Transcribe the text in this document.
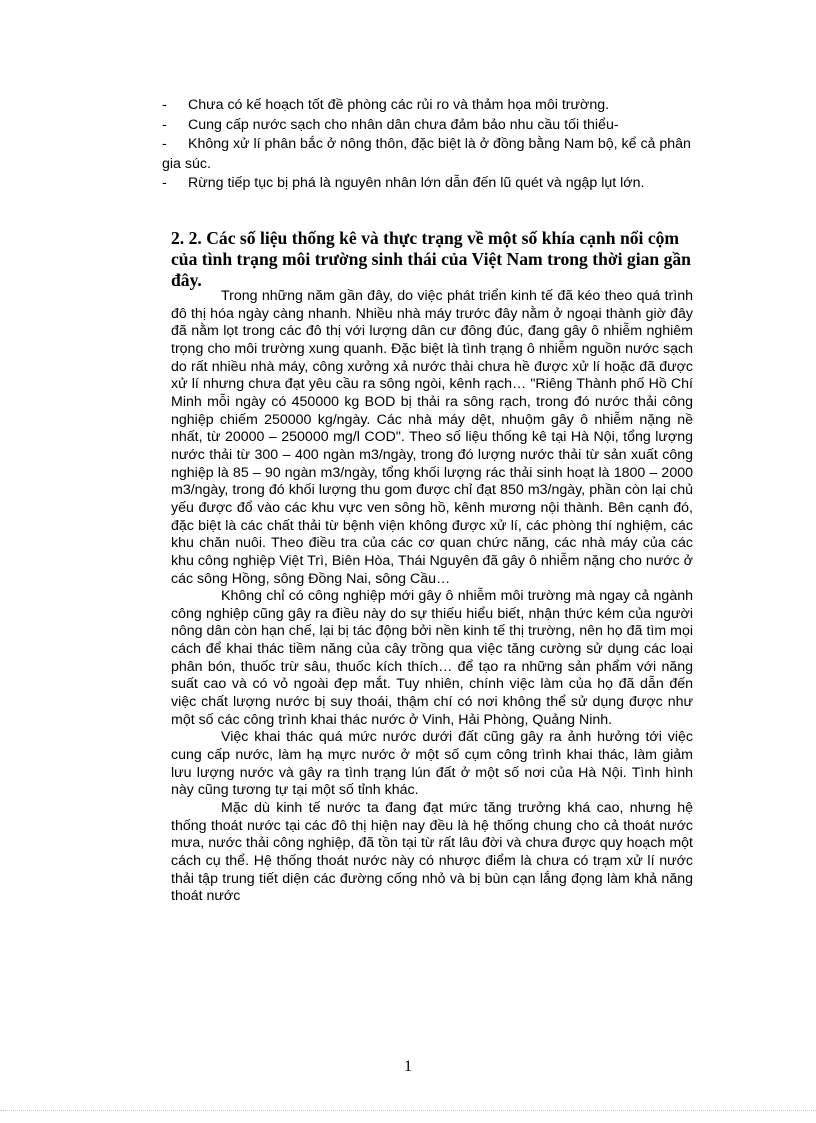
- Chưa có kế hoạch tốt đề phòng các rủi ro và thảm họa môi trường.

- Cung cấp nước sạch cho nhân dân chưa đảm bảo nhu cầu tối thiểu-

- Không xử lí phân bắc ở nông thôn, đặc biệt là ở đồng bằng Nam bộ, kể cả phân gia súc.

- Rừng tiếp tục bị phá là nguyên nhân lớn dẫn đến lũ quét và ngập lụt lớn.

2. 2. Các số liệu thống kê và thực trạng về một số khía cạnh nổi cộm của tình trạng môi trường sinh thái của Việt Nam trong thời gian gần đây.

Trong những năm gần đây, do việc phát triển kinh tế đã kéo theo quá trình đô thị hóa ngày càng nhanh. Nhiều nhà máy trước đây nằm ở ngoại thành giờ đây đã nằm lọt trong các đô thị với lượng dân cư đông đúc, đang gây ô nhiễm nghiêm trọng cho môi trường xung quanh. Đặc biệt là tình trạng ô nhiễm nguồn nước sạch do rất nhiều nhà máy, công xưởng xả nước thải chưa hề được xử lí hoặc đã được xử lí nhưng chưa đạt yêu cầu ra sông ngòi, kênh rạch… "Riêng Thành phố Hồ Chí Minh mỗi ngày có 450000 kg BOD bị thải ra sông rạch, trong đó nước thải công nghiệp chiếm 250000 kg/ngày. Các nhà máy dệt, nhuộm gây ô nhiễm nặng nề nhất, từ 20000 – 250000 mg/l COD". Theo số liệu thống kê tại Hà Nội, tổng lượng nước thải từ 300 – 400 ngàn m3/ngày, trong đó lượng nước thải từ sản xuất công nghiệp là 85 – 90 ngàn m3/ngày, tổng khối lượng rác thải sinh hoạt là 1800 – 2000 m3/ngày, trong đó khối lượng thu gom được chỉ đạt 850 m3/ngày, phần còn lại chủ yếu được đổ vào các khu vực ven sông hồ, kênh mương nội thành. Bên cạnh đó, đặc biệt là các chất thải từ bệnh viện không được xử lí, các phòng thí nghiệm, các khu chăn nuôi. Theo điều tra của các cơ quan chức năng, các nhà máy của các khu công nghiệp Việt Trì, Biên Hòa, Thái Nguyên đã gây ô nhiễm nặng cho nước ở các sông Hồng, sông Đồng Nai, sông Cầu…

Không chỉ có công nghiệp mới gây ô nhiễm môi trường mà ngay cả ngành công nghiệp cũng gây ra điều này do sự thiếu hiểu biết, nhận thức kém của người nông dân còn hạn chế, lại bị tác động bởi nền kinh tế thị trường, nên họ đã tìm mọi cách để khai thác tiềm năng của cây trồng qua việc tăng cường sử dụng các loại phân bón, thuốc trừ sâu, thuốc kích thích… để tạo ra những sản phẩm với năng suất cao và có vỏ ngoài đẹp mắt. Tuy nhiên, chính việc làm của họ đã dẫn đến việc chất lượng nước bị suy thoái, thậm chí có nơi không thể sử dụng được như một số các công trình khai thác nước ở Vinh, Hải Phòng, Quảng Ninh.

Việc khai thác quá mức nước dưới đất cũng gây ra ảnh hưởng tới việc cung cấp nước, làm hạ mực nước ở một số cụm công trình khai thác, làm giảm lưu lượng nước và gây ra tình trạng lún đất ở một số nơi của Hà Nội. Tình hình này cũng tương tự tại một số tỉnh khác.

Mặc dù kinh tế nước ta đang đạt mức tăng trưởng khá cao, nhưng hệ thống thoát nước tại các đô thị hiện nay đều là hệ thống chung cho cả thoát nước mưa, nước thải công nghiệp, đã tồn tại từ rất lâu đời và chưa được quy hoạch một cách cụ thể. Hệ thống thoát nước này có nhược điểm là chưa có trạm xử lí nước thải tập trung tiết diện các đường cống nhỏ và bị bùn cạn lắng đọng làm khả năng thoát nước

1
